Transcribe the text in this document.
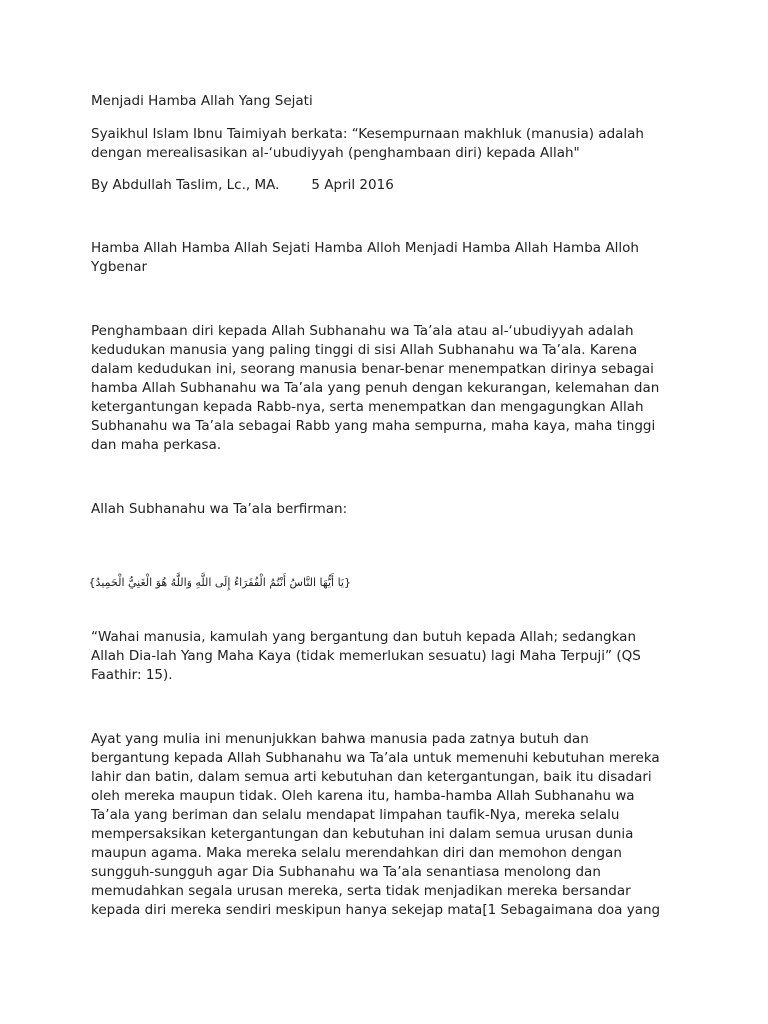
Menjadi Hamba Allah Yang Sejati

Syaikhul Islam Ibnu Taimiyah berkata: “Kesempurnaan makhluk (manusia) adalah
dengan merealisasikan al-‘ubudiyyah (penghambaan diri) kepada Allah"

By Abdullah Taslim, Lc., MA. 5 April 2016

Hamba Allah Hamba Allah Sejati Hamba Alloh Menjadi Hamba Allah Hamba Alloh
Ygbenar
Penghambaan diri kepada Allah Subhanahu wa Ta’ala atau al-‘ubudiyyah adalah
kedudukan manusia yang paling tinggi di sisi Allah Subhanahu wa Ta’ala. Karena
dalam kedudukan ini, seorang manusia benar-benar menempatkan dirinya sebagai
hamba Allah Subhanahu wa Ta’ala yang penuh dengan kekurangan, kelemahan dan
ketergantungan kepada Rabb-nya, serta menempatkan dan mengagungkan Allah
Subhanahu wa Ta’ala sebagai Rabb yang maha sempurna, maha kaya, maha tinggi
dan maha perkasa.

Allah Subhanahu wa Ta’ala berfirman:

{يَا أَيُّهَا النَّاسُ أَنْتُمُ الْفُقَرَاءُ إِلَى اللَّهِ وَاللَّهُ هُوَ الْغَنِيُّ الْحَمِيدُ}

“Wahai manusia, kamulah yang bergantung dan butuh kepada Allah; sedangkan
Allah Dia-lah Yang Maha Kaya (tidak memerlukan sesuatu) lagi Maha Terpuji” (QS
Faathir: 15).
Ayat yang mulia ini menunjukkan bahwa manusia pada zatnya butuh dan
bergantung kepada Allah Subhanahu wa Ta’ala untuk memenuhi kebutuhan mereka
lahir dan batin, dalam semua arti kebutuhan dan ketergantungan, baik itu disadari
oleh mereka maupun tidak. Oleh karena itu, hamba-hamba Allah Subhanahu wa
Ta’ala yang beriman dan selalu mendapat limpahan taufik-Nya, mereka selalu
mempersaksikan ketergantungan dan kebutuhan ini dalam semua urusan dunia
maupun agama. Maka mereka selalu merendahkan diri dan memohon dengan
sungguh-sungguh agar Dia Subhanahu wa Ta’ala senantiasa menolong dan
memudahkan segala urusan mereka, serta tidak menjadikan mereka bersandar
kepada diri mereka sendiri meskipun hanya sekejap mata[1 Sebagaimana doa yang
